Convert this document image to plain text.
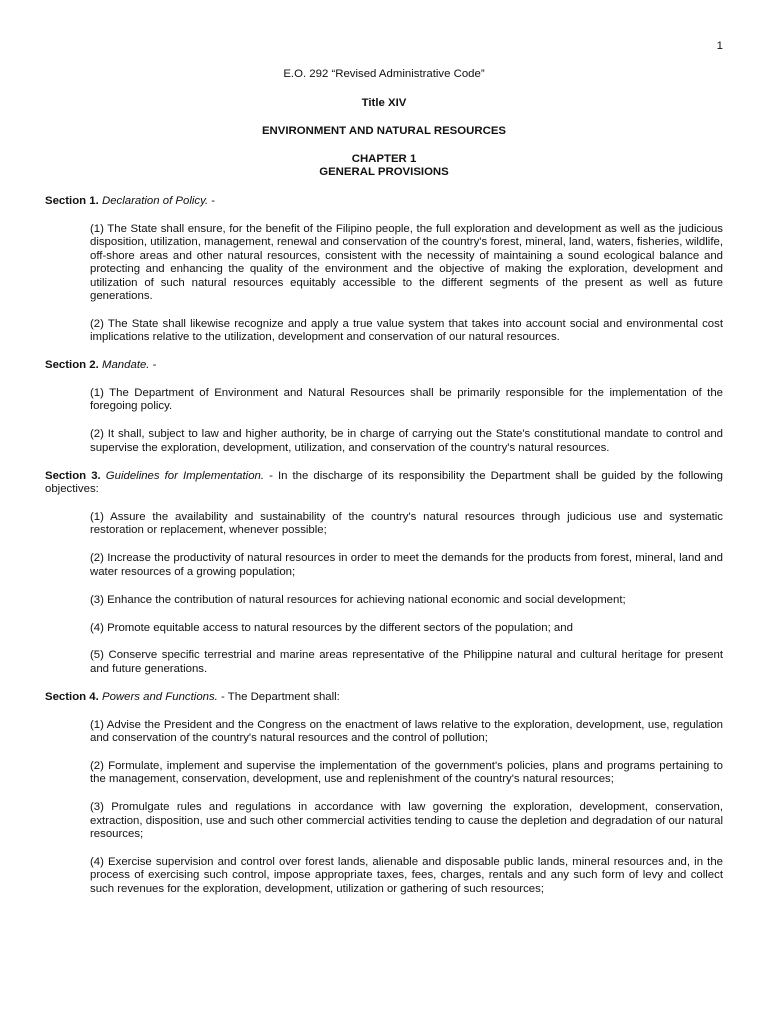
1
E.O. 292 “Revised Administrative Code”
Title XIV
ENVIRONMENT AND NATURAL RESOURCES
CHAPTER 1
GENERAL PROVISIONS
Section 1. Declaration of Policy. -
(1) The State shall ensure, for the benefit of the Filipino people, the full exploration and development as well as the judicious disposition, utilization, management, renewal and conservation of the country's forest, mineral, land, waters, fisheries, wildlife, off-shore areas and other natural resources, consistent with the necessity of maintaining a sound ecological balance and protecting and enhancing the quality of the environment and the objective of making the exploration, development and utilization of such natural resources equitably accessible to the different segments of the present as well as future generations.
(2) The State shall likewise recognize and apply a true value system that takes into account social and environmental cost implications relative to the utilization, development and conservation of our natural resources.
Section 2. Mandate. -
(1) The Department of Environment and Natural Resources shall be primarily responsible for the implementation of the foregoing policy.
(2) It shall, subject to law and higher authority, be in charge of carrying out the State's constitutional mandate to control and supervise the exploration, development, utilization, and conservation of the country's natural resources.
Section 3. Guidelines for Implementation. - In the discharge of its responsibility the Department shall be guided by the following objectives:
(1) Assure the availability and sustainability of the country's natural resources through judicious use and systematic restoration or replacement, whenever possible;
(2) Increase the productivity of natural resources in order to meet the demands for the products from forest, mineral, land and water resources of a growing population;
(3) Enhance the contribution of natural resources for achieving national economic and social development;
(4) Promote equitable access to natural resources by the different sectors of the population; and
(5) Conserve specific terrestrial and marine areas representative of the Philippine natural and cultural heritage for present and future generations.
Section 4. Powers and Functions. - The Department shall:
(1) Advise the President and the Congress on the enactment of laws relative to the exploration, development, use, regulation and conservation of the country's natural resources and the control of pollution;
(2) Formulate, implement and supervise the implementation of the government's policies, plans and programs pertaining to the management, conservation, development, use and replenishment of the country's natural resources;
(3) Promulgate rules and regulations in accordance with law governing the exploration, development, conservation, extraction, disposition, use and such other commercial activities tending to cause the depletion and degradation of our natural resources;
(4) Exercise supervision and control over forest lands, alienable and disposable public lands, mineral resources and, in the process of exercising such control, impose appropriate taxes, fees, charges, rentals and any such form of levy and collect such revenues for the exploration, development, utilization or gathering of such resources;
